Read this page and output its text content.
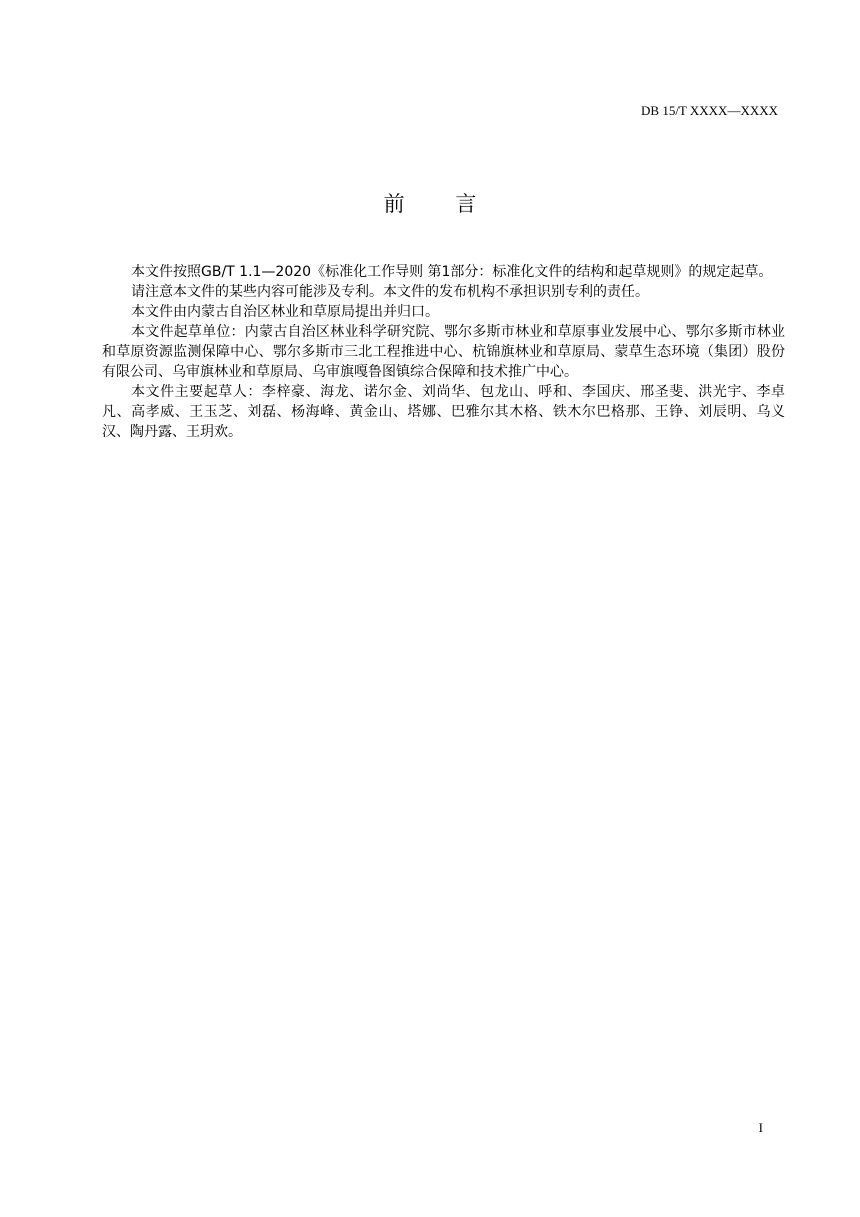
DB 15/T XXXX—XXXX
前 言

本文件按照GB/T 1.1—2020《标准化工作导则 第1部分：标准化文件的结构和起草规则》的规定起草。

请注意本文件的某些内容可能涉及专利。本文件的发布机构不承担识别专利的责任。

本文件由内蒙古自治区林业和草原局提出并归口。

本文件起草单位：内蒙古自治区林业科学研究院、鄂尔多斯市林业和草原事业发展中心、鄂尔多斯市林业和草原资源监测保障中心、鄂尔多斯市三北工程推进中心、杭锦旗林业和草原局、蒙草生态环境（集团）股份有限公司、乌审旗林业和草原局、乌审旗嘎鲁图镇综合保障和技术推广中心。

本文件主要起草人：李梓豪、海龙、诺尔金、刘尚华、包龙山、呼和、李国庆、邢圣斐、洪光宇、李卓凡、高孝威、王玉芝、刘磊、杨海峰、黄金山、塔娜、巴雅尔其木格、铁木尔巴格那、王铮、刘辰明、乌义汉、陶丹露、王玥欢。

I
